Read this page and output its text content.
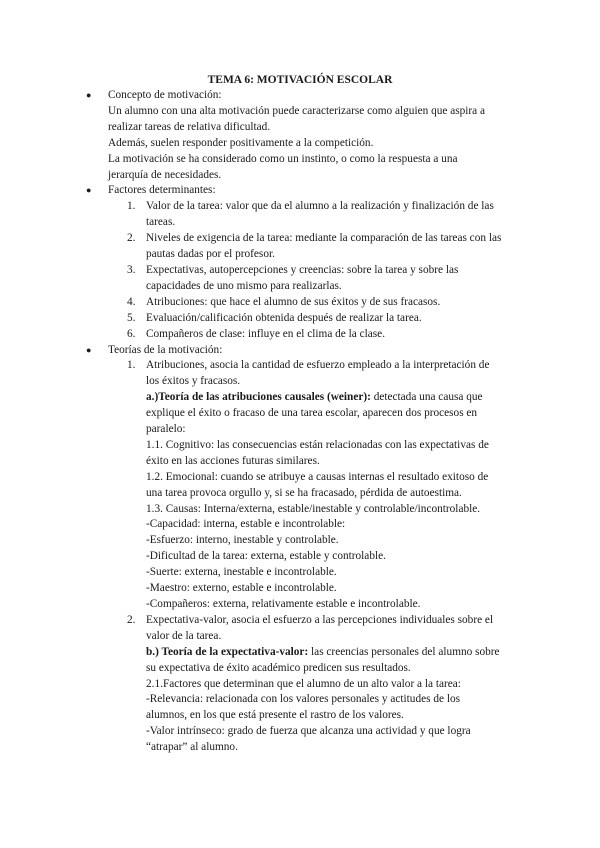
TEMA 6: MOTIVACIÓN ESCOLAR
● Concepto de motivación:
Un alumno con una alta motivación puede caracterizarse como alguien que aspira a
realizar tareas de relativa dificultad.
Además, suelen responder positivamente a la competición.
La motivación se ha considerado como un instinto, o como la respuesta a una
jerarquía de necesidades.
● Factores determinantes:
1. Valor de la tarea: valor que da el alumno a la realización y finalización de las
tareas.
2. Niveles de exigencia de la tarea: mediante la comparación de las tareas con las
pautas dadas por el profesor.
3. Expectativas, autopercepciones y creencias: sobre la tarea y sobre las
capacidades de uno mismo para realizarlas.
4. Atribuciones: que hace el alumno de sus éxitos y de sus fracasos.
5. Evaluación/calificación obtenida después de realizar la tarea.
6. Compañeros de clase: influye en el clima de la clase.
● Teorías de la motivación:
1. Atribuciones, asocia la cantidad de esfuerzo empleado a la interpretación de
los éxitos y fracasos.
a.)Teoría de las atribuciones causales (weiner): detectada una causa que
explique el éxito o fracaso de una tarea escolar, aparecen dos procesos en
paralelo:
1.1. Cognitivo: las consecuencias están relacionadas con las expectativas de
éxito en las acciones futuras similares.
1.2. Emocional: cuando se atribuye a causas internas el resultado exitoso de
una tarea provoca orgullo y, si se ha fracasado, pérdida de autoestima.
1.3. Causas: Interna/externa, estable/inestable y controlable/incontrolable.
-Capacidad: interna, estable e incontrolable:
-Esfuerzo: interno, inestable y controlable.
-Dificultad de la tarea: externa, estable y controlable.
-Suerte: externa, inestable e incontrolable.
-Maestro: externo, estable e incontrolable.
-Compañeros: externa, relativamente estable e incontrolable.
2. Expectativa-valor, asocia el esfuerzo a las percepciones individuales sobre el
valor de la tarea.
b.) Teoría de la expectativa-valor: las creencias personales del alumno sobre
su expectativa de éxito académico predicen sus resultados.
2.1.Factores que determinan que el alumno de un alto valor a la tarea:
-Relevancia: relacionada con los valores personales y actitudes de los
alumnos, en los que está presente el rastro de los valores.
-Valor intrínseco: grado de fuerza que alcanza una actividad y que logra
“atrapar” al alumno.
